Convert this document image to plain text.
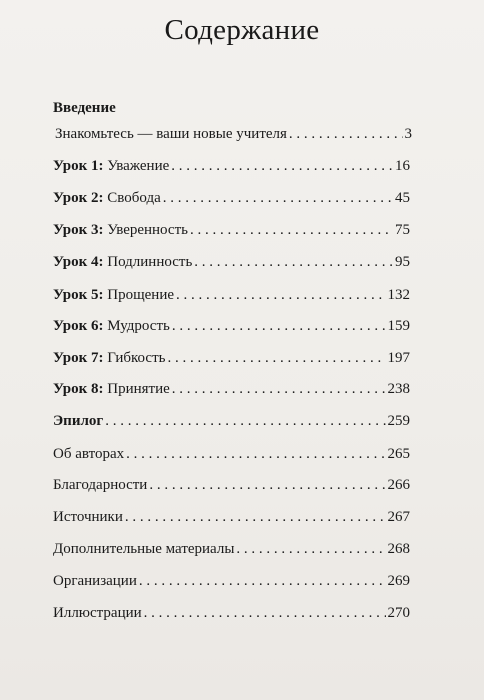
Содержание
Введение
Знакомьтесь — ваши новые учителя . . .	3
Урок 1: Уважение . . .	16
Урок 2: Свобода . . .	45
Урок 3: Уверенность . . .	75
Урок 4: Подлинность . . .	95
Урок 5: Прощение . . .	132
Урок 6: Мудрость . . .	159
Урок 7: Гибкость . . .	197
Урок 8: Принятие . . .	238
Эпилог . . .	259
Об авторах . . .	265
Благодарности . . .	266
Источники . . .	267
Дополнительные материалы . . .	268
Организации . . .	269
Иллюстрации . . .	270
